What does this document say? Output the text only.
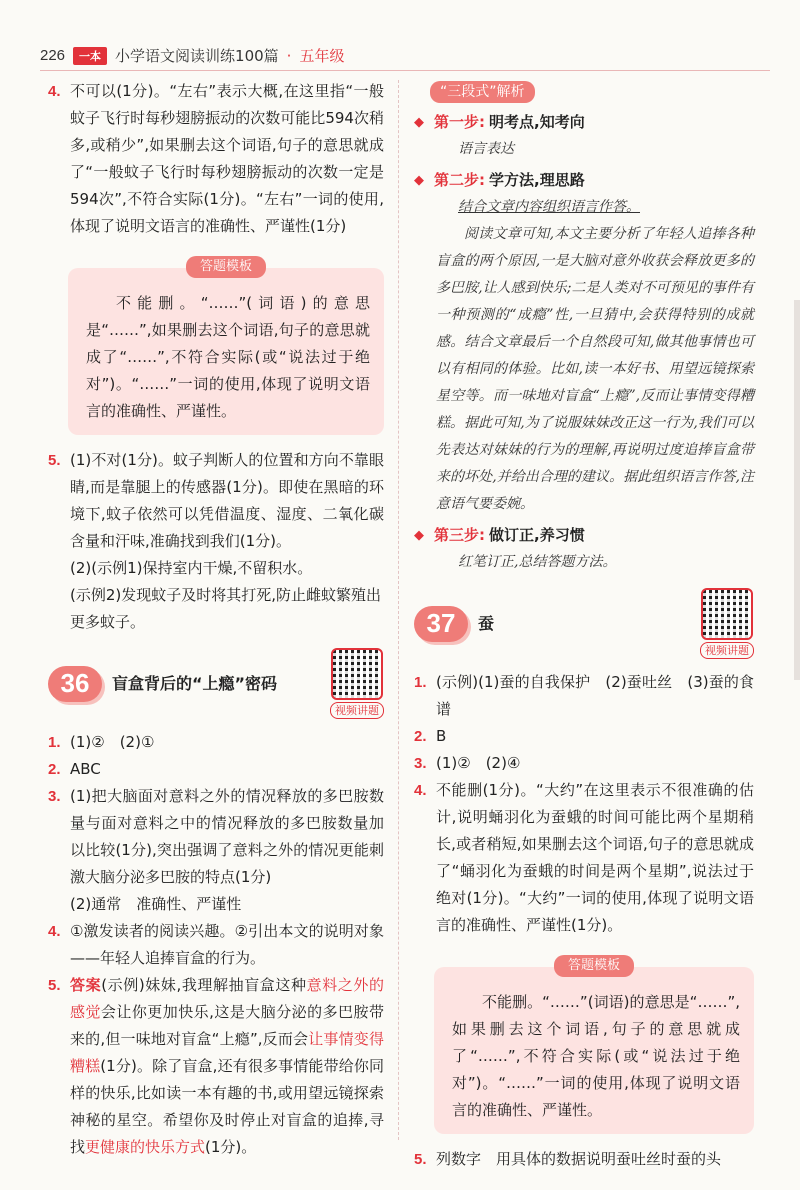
226	一本 小学语文阅读训练100篇 · 五年级
4. 不可以(1分)。“左右”表示大概,在这里指“一般蚊子飞行时每秒翅膀振动的次数可能比594次稍多,或稍少”,如果删去这个词语,句子的意思就成了“一般蚊子飞行时每秒翅膀振动的次数一定是594次”,不符合实际(1分)。“左右”一词的使用,体现了说明文语言的准确性、严谨性(1分)
答题模板
不能删。“……”(词语)的意思是“……”,如果删去这个词语,句子的意思就成了“……”,不符合实际(或“说法过于绝对”)。“……”一词的使用,体现了说明文语言的准确性、严谨性。
5. (1)不对(1分)。蚊子判断人的位置和方向不靠眼睛,而是靠腿上的传感器(1分)。即使在黑暗的环境下,蚊子依然可以凭借温度、湿度、二氧化碳含量和汗味,准确找到我们(1分)。
(2)(示例1)保持室内干燥,不留积水。
(示例2)发现蚊子及时将其打死,防止雌蚊繁殖出更多蚊子。
36	盲盒背后的“上瘾”密码
视频讲题
1. (1)②　(2)①
2. ABC
3. (1)把大脑面对意料之外的情况释放的多巴胺数量与面对意料之中的情况释放的多巴胺数量加以比较(1分),突出强调了意料之外的情况更能刺激大脑分泌多巴胺的特点(1分)
(2)通常　准确性、严谨性
4. ①激发读者的阅读兴趣。②引出本文的说明对象——年轻人追捧盲盒的行为。
5. 答案(示例)妹妹,我理解抽盲盒这种意料之外的感觉会让你更加快乐,这是大脑分泌的多巴胺带来的,但一味地对盲盒“上瘾”,反而会让事情变得糟糕(1分)。除了盲盒,还有很多事情能带给你同样的快乐,比如读一本有趣的书,或用望远镜探索神秘的星空。希望你及时停止对盲盒的追捧,寻找更健康的快乐方式(1分)。
“三段式”解析
◆ 第一步: 明考点,知考向
语言表达
◆ 第二步: 学方法,理思路
结合文章内容组织语言作答。
阅读文章可知,本文主要分析了年轻人追捧各种盲盒的两个原因,一是大脑对意外收获会释放更多的多巴胺,让人感到快乐;二是人类对不可预见的事件有一种预测的“成瘾”性,一旦猜中,会获得特别的成就感。结合文章最后一个自然段可知,做其他事情也可以有相同的体验。比如,读一本好书、用望远镜探索星空等。而一味地对盲盒“上瘾”,反而让事情变得糟糕。据此可知,为了说服妹妹改正这一行为,我们可以先表达对妹妹的行为的理解,再说明过度追捧盲盒带来的坏处,并给出合理的建议。据此组织语言作答,注意语气要委婉。
◆ 第三步: 做订正,养习惯
红笔订正,总结答题方法。
37	蚕
视频讲题
1. (示例)(1)蚕的自我保护　(2)蚕吐丝　(3)蚕的食谱
2. B
3. (1)②　(2)④
4. 不能删(1分)。“大约”在这里表示不很准确的估计,说明蛹羽化为蚕蛾的时间可能比两个星期稍长,或者稍短,如果删去这个词语,句子的意思就成了“蛹羽化为蚕蛾的时间是两个星期”,说法过于绝对(1分)。“大约”一词的使用,体现了说明文语言的准确性、严谨性(1分)。
答题模板
不能删。“……”(词语)的意思是“……”,如果删去这个词语,句子的意思就成了“……”,不符合实际(或“说法过于绝对”)。“……”一词的使用,体现了说明文语言的准确性、严谨性。
5. 列数字　用具体的数据说明蚕吐丝时蚕的头
